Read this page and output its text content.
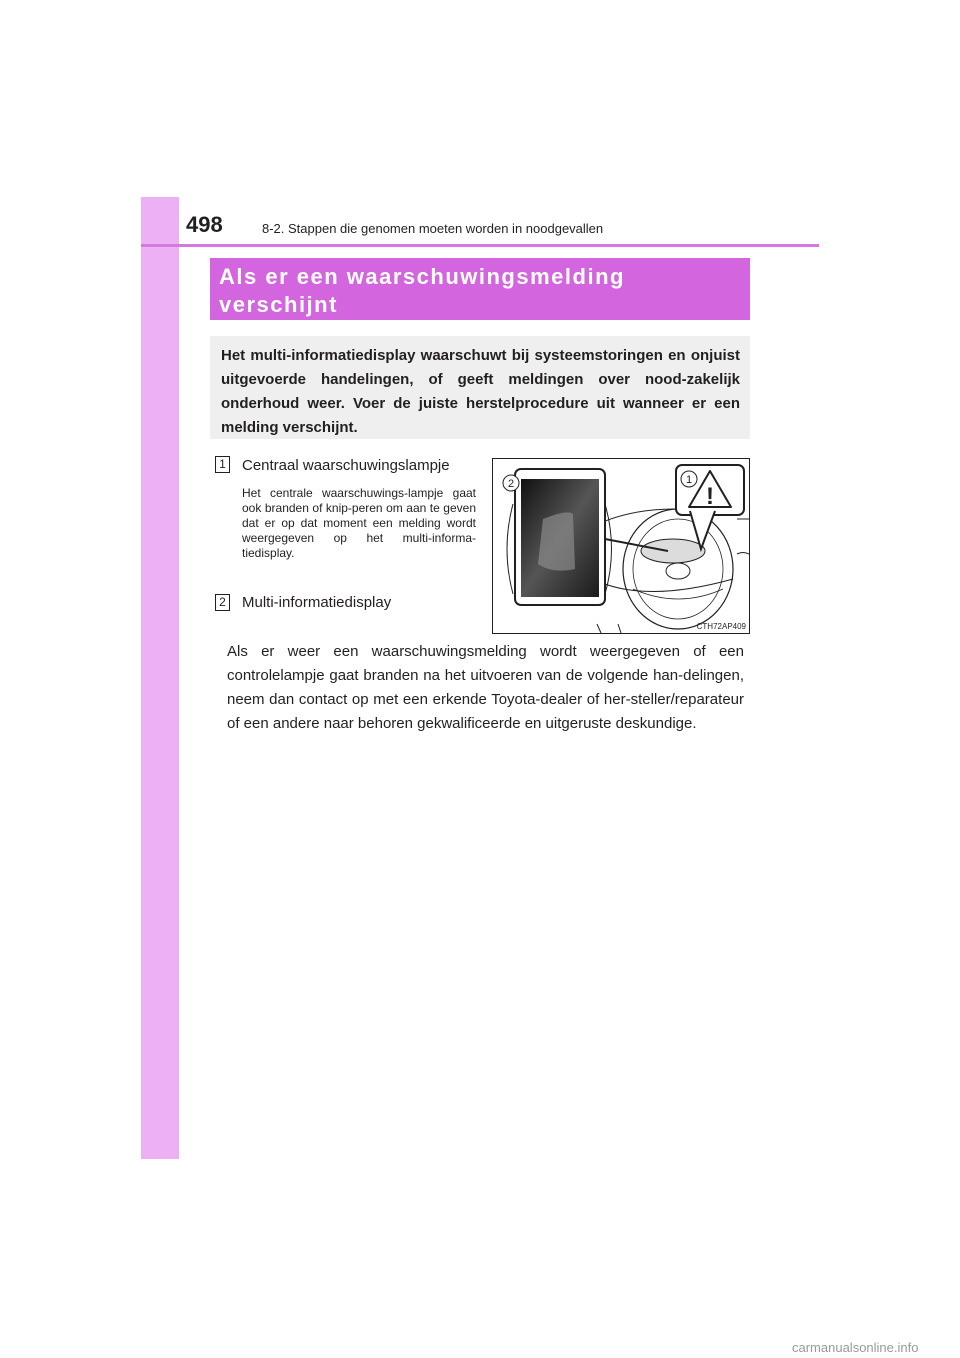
498	8-2. Stappen die genomen moeten worden in noodgevallen
Als er een waarschuwingsmelding
verschijnt
Het multi-informatiedisplay waarschuwt bij systeemstoringen en onjuist uitgevoerde handelingen, of geeft meldingen over nood-zakelijk onderhoud weer. Voer de juiste herstelprocedure uit wanneer er een melding verschijnt.
1 Centraal waarschuwingslampje
Het centrale waarschuwings-lampje gaat ook branden of knip-peren om aan te geven dat er op dat moment een melding wordt weergegeven op het multi-informa-tiedisplay.
2 Multi-informatiedisplay
!
2	1
CTH72AP409
Als er weer een waarschuwingsmelding wordt weergegeven of een controlelampje gaat branden na het uitvoeren van de volgende han-delingen, neem dan contact op met een erkende Toyota-dealer of her-steller/reparateur of een andere naar behoren gekwalificeerde en uitgeruste deskundige.
carmanualsonline.info
